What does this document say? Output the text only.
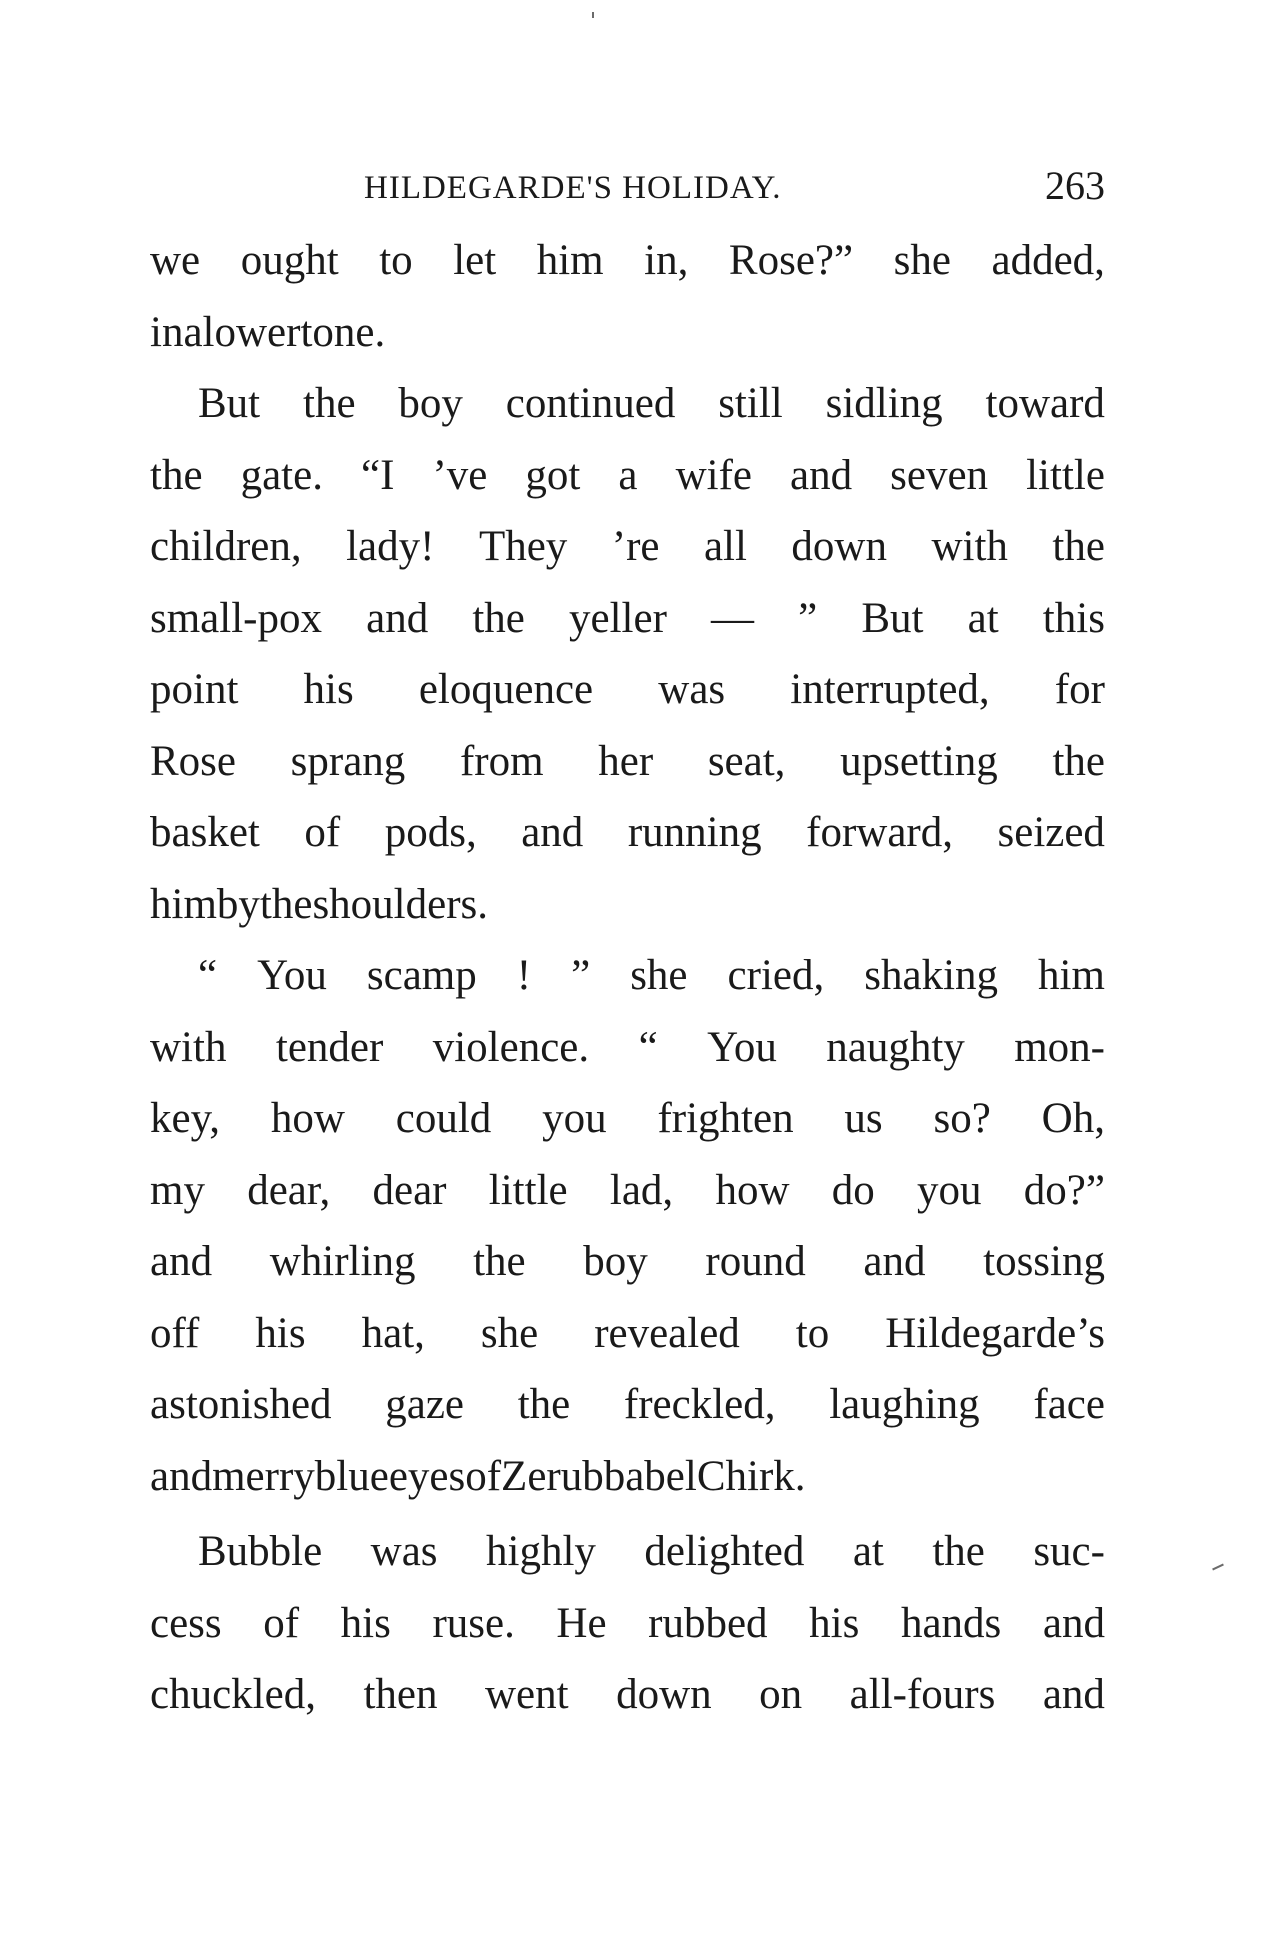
HILDEGARDE'S HOLIDAY.	263
we ought to let him in, Rose?” she added,
in a lower tone.
But the boy continued still sidling toward
the gate. “I ’ve got a wife and seven little
children, lady! They ’re all down with the
small-pox and the yeller — ” But at this
point his eloquence was interrupted, for
Rose sprang from her seat, upsetting the
basket of pods, and running forward, seized
him by the shoulders.
“ You scamp ! ” she cried, shaking him
with tender violence. “ You naughty mon-
key, how could you frighten us so? Oh,
my dear, dear little lad, how do you do?”
and whirling the boy round and tossing
off his hat, she revealed to Hildegarde’s
astonished gaze the freckled, laughing face
and merry blue eyes of Zerubbabel Chirk.
Bubble was highly delighted at the suc-
cess of his ruse. He rubbed his hands and
chuckled, then went down on all-fours and
